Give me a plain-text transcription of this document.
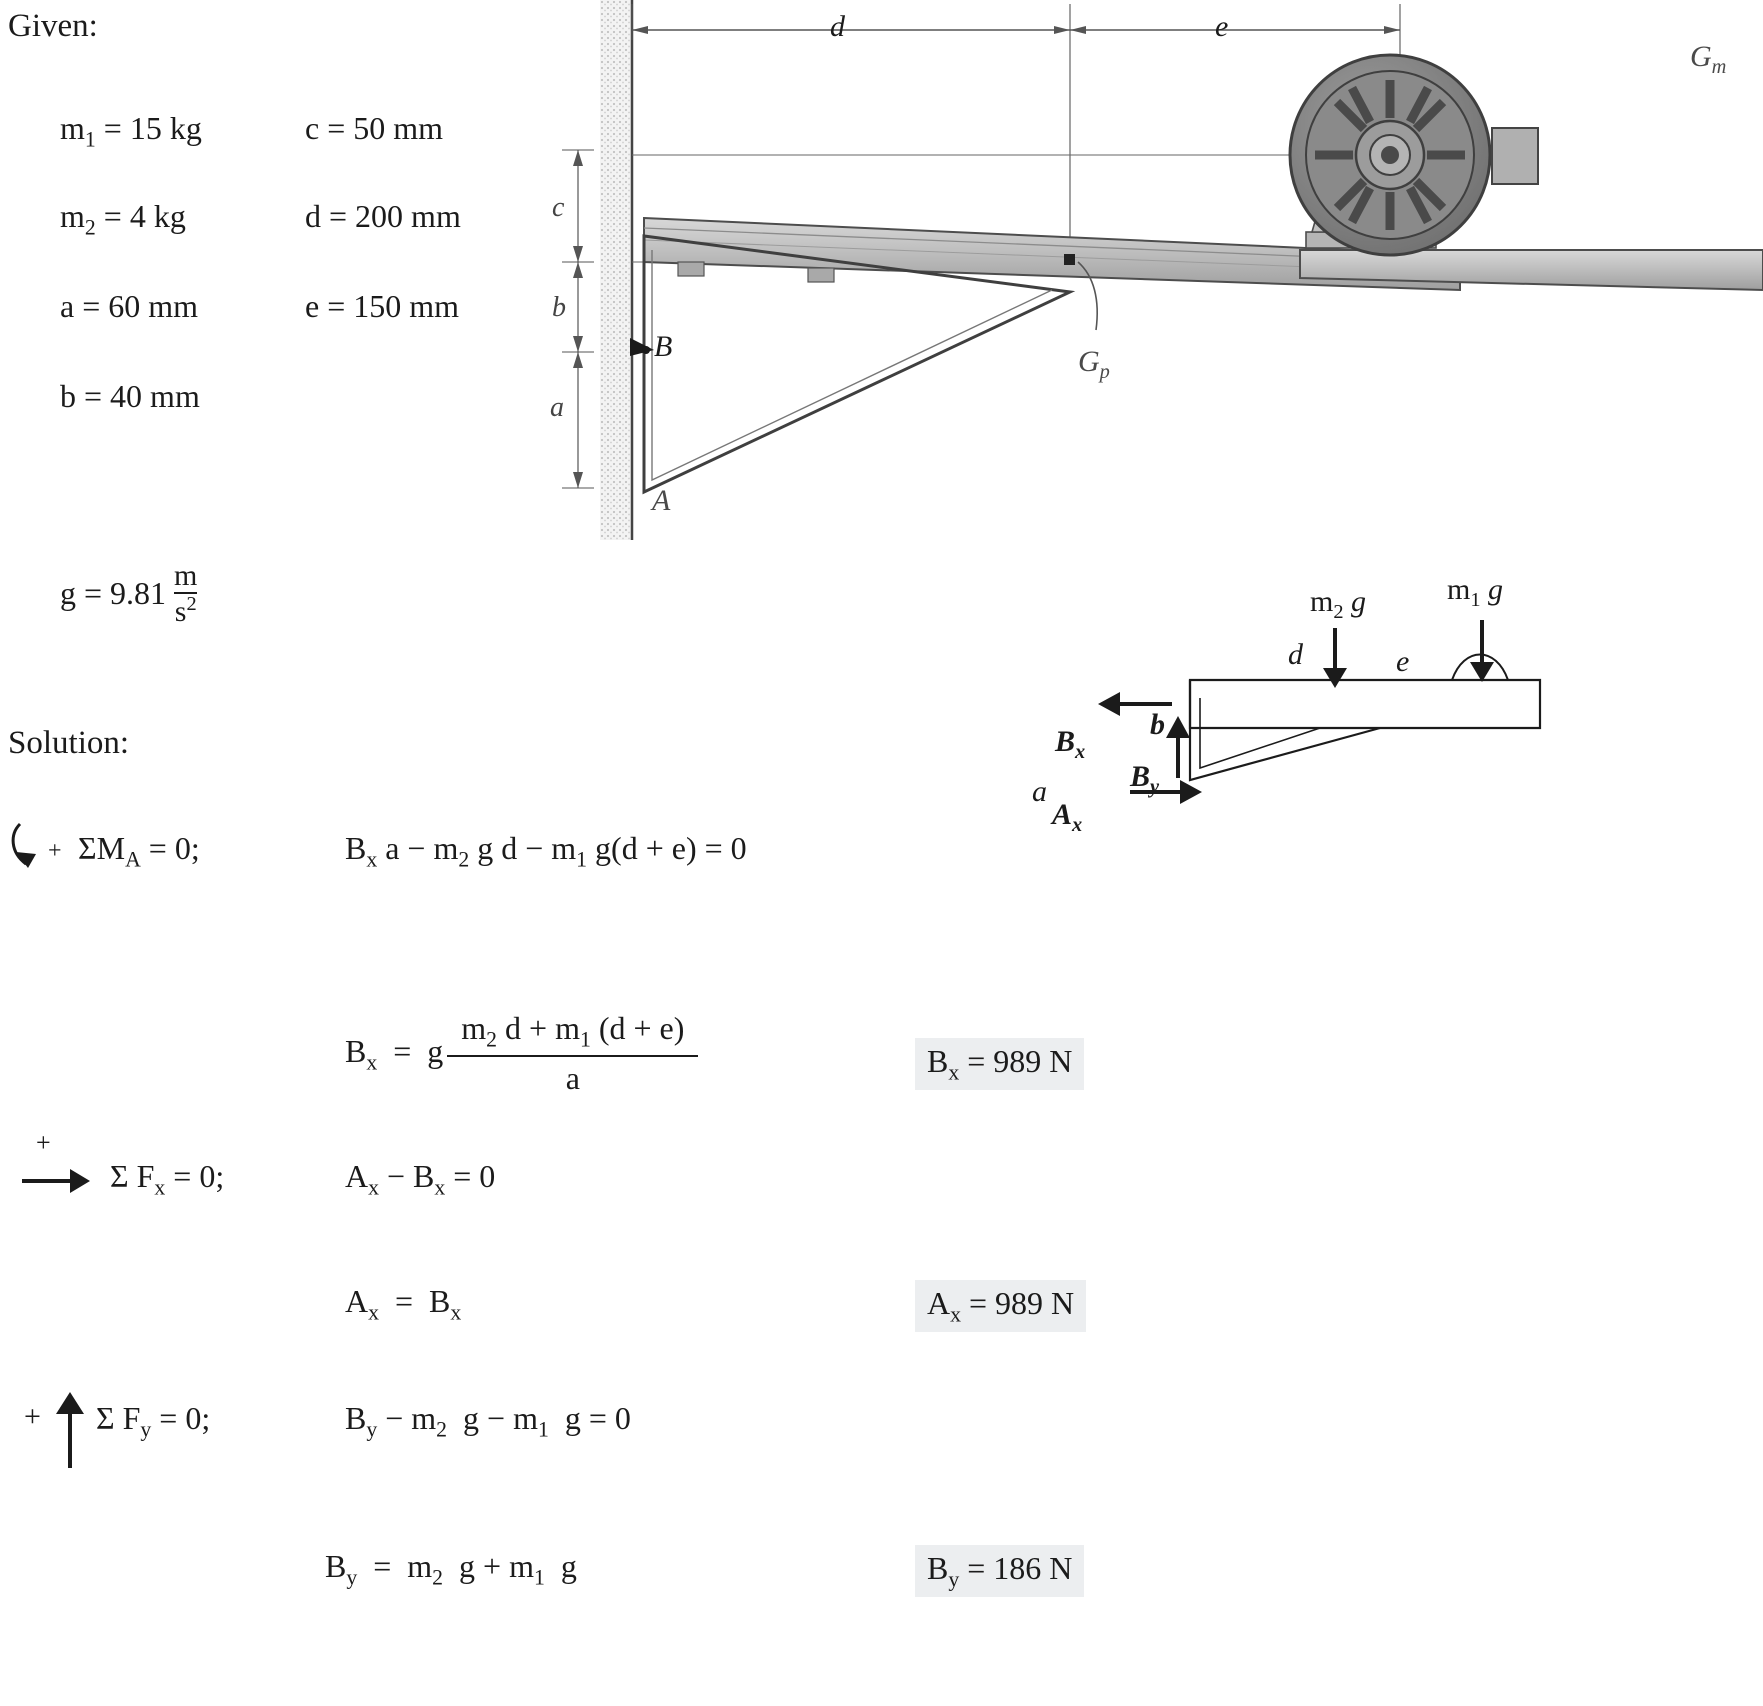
Given:
$m_1 = 15$ kg
$m_2 = 4$ kg
a = 60 mm
b = 40 mm
c = 50 mm
d = 200 mm
e = 150 mm
$g = 9.81 \frac{m}{s^2}$
Solution:
+ $\Sigma M_A = 0$;	$B_x$ $a - m_2$ g $d - m_1$ g(d + e) = 0
$B_x = g \frac{m_2 d + m_1 (d + e)}{a}$	$B_x = 989$ N
+
Σ $F_x = 0$;	$A_x - B_x = 0$
$A_x = B_x$	$A_x = 989$ N
+ Σ $F_y = 0$;	$B_y - m_2$  $g - m_1$  g = 0
$B_y = m_2$  $g + m_1$  g	$B_y = 186$ N
d	e
$G_m$
c
b
a
B
A
$G_p$
$m_2$ g	$m_1$ g
d	e
b
a
$B_x$
$B_y$
$A_x$
